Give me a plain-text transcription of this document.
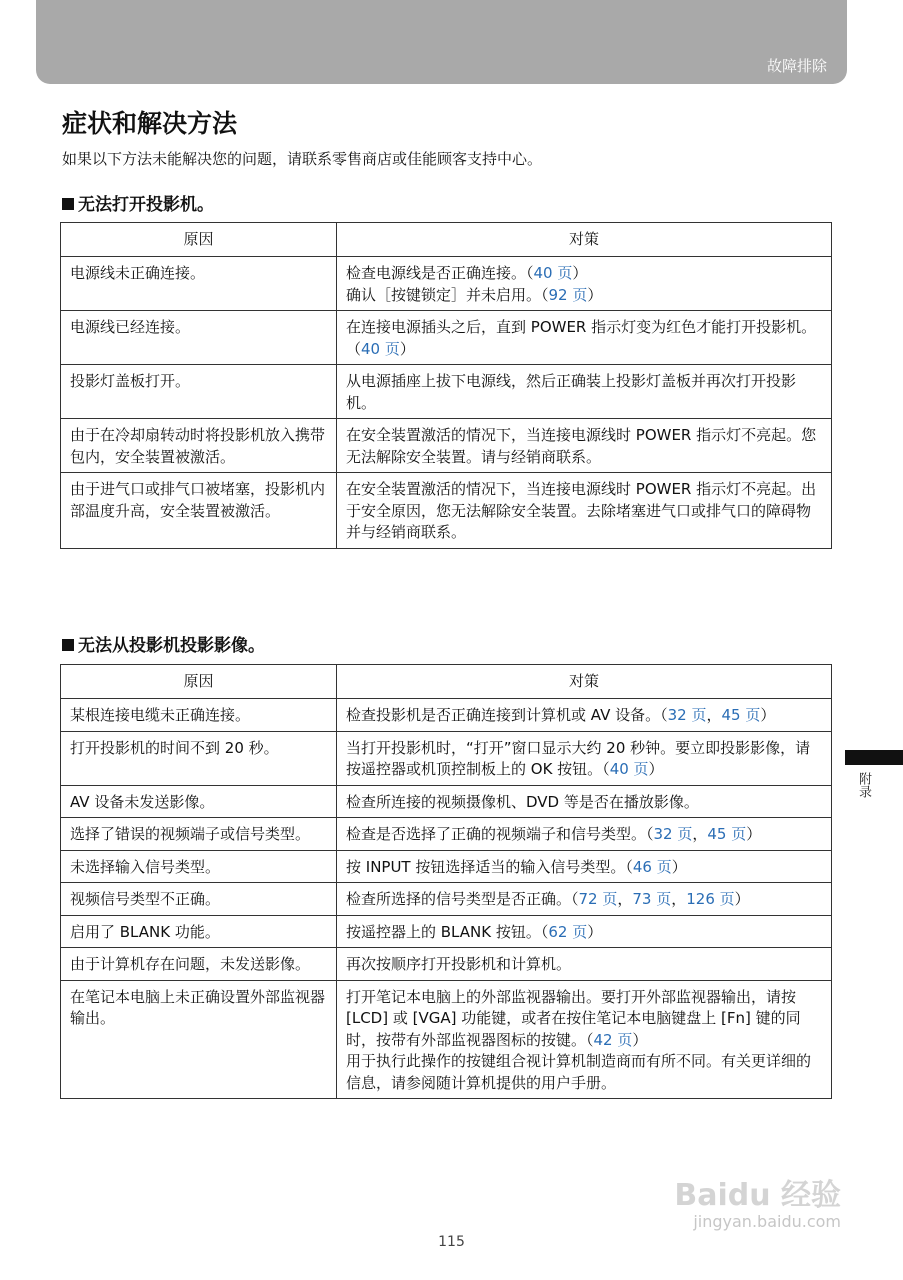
故障排除
症状和解决方法

如果以下方法未能解决您的问题，请联系零售商店或佳能顾客支持中心。

无法打开投影机。
原因	对策
电源线未正确连接。	检查电源线是否正确连接。（40 页）
确认［按键锁定］并未启用。（92 页）

电源线已经连接。	在连接电源插头之后，直到 POWER 指示灯变为红色才能打开投影机。（40 页）

投影灯盖板打开。	从电源插座上拔下电源线，然后正确装上投影灯盖板并再次打开投影机。

由于在冷却扇转动时将投影机放入携带包内，安全装置被激活。	在安全装置激活的情况下，当连接电源线时 POWER 指示灯不亮起。您无法解除安全装置。请与经销商联系。

由于进气口或排气口被堵塞，投影机内部温度升高，安全装置被激活。	在安全装置激活的情况下，当连接电源线时 POWER 指示灯不亮起。出于安全原因，您无法解除安全装置。去除堵塞进气口或排气口的障碍物并与经销商联系。
无法从投影机投影影像。
原因	对策
某根连接电缆未正确连接。	检查投影机是否正确连接到计算机或 AV 设备。（32 页，45 页）

打开投影机的时间不到 20 秒。	当打开投影机时，“打开”窗口显示大约 20 秒钟。要立即投影影像，请按遥控器或机顶控制板上的 OK 按钮。（40 页）

AV 设备未发送影像。	检查所连接的视频摄像机、DVD 等是否在播放影像。

选择了错误的视频端子或信号类型。	检查是否选择了正确的视频端子和信号类型。（32 页，45 页）

未选择输入信号类型。	按 INPUT 按钮选择适当的输入信号类型。（46 页）

视频信号类型不正确。	检查所选择的信号类型是否正确。（72 页，73 页，126 页）

启用了 BLANK 功能。	按遥控器上的 BLANK 按钮。（62 页）

由于计算机存在问题，未发送影像。	再次按顺序打开投影机和计算机。

在笔记本电脑上未正确设置外部监视器输出。	打开笔记本电脑上的外部监视器输出。要打开外部监视器输出，请按 [LCD] 或 [VGA] 功能键，或者在按住笔记本电脑键盘上 [Fn] 键的同时，按带有外部监视器图标的按键。（42 页）
用于执行此操作的按键组合视计算机制造商而有所不同。有关更详细的信息，请参阅随计算机提供的用户手册。
附录
Baidu 经验
jingyan.baidu.com
115
